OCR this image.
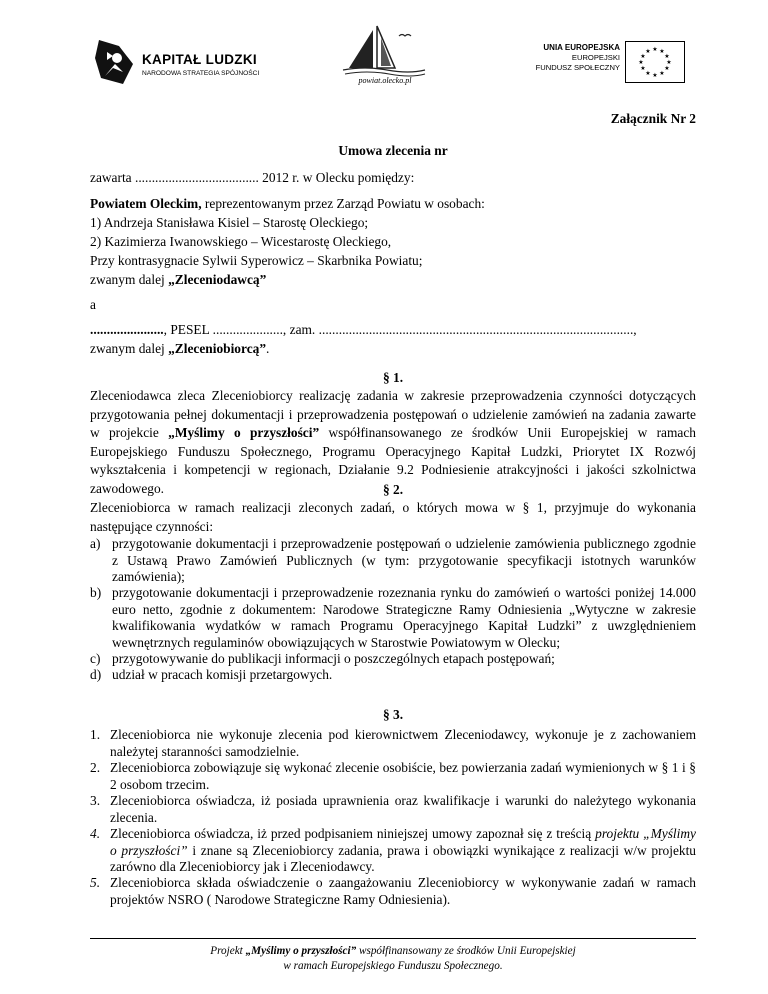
KAPITAŁ LUDZKI
NARODOWA STRATEGIA SPÓJNOŚCI
powiat.olecko.pl
UNIA EUROPEJSKA
EUROPEJSKI
FUNDUSZ SPOŁECZNY
★ ★
★
★
★
★
★
★
★
★
★
★
Załącznik Nr 2
Umowa zlecenia nr
zawarta ..................................... 2012 r. w Olecku pomiędzy:
Powiatem Oleckim, reprezentowanym przez Zarząd Powiatu w osobach:
1) Andrzeja Stanisława Kisiel – Starostę Oleckiego;
2) Kazimierza Iwanowskiego – Wicestarostę Oleckiego,
Przy kontrasygnacie Sylwii Syperowicz – Skarbnika Powiatu;
zwanym dalej „Zleceniodawcą”
a
......................, PESEL ....................., zam. ..............................................................................................,
zwanym dalej „Zleceniobiorcą”.
§ 1.
Zleceniodawca zleca Zleceniobiorcy realizację zadania w zakresie przeprowadzenia czynności dotyczących przygotowania pełnej dokumentacji i przeprowadzenia postępowań o udzielenie zamówień na zadania zawarte w projekcie „Myślimy o przyszłości” współfinansowanego ze środków Unii Europejskiej w ramach Europejskiego Funduszu Społecznego, Programu Operacyjnego Kapitał Ludzki, Priorytet IX Rozwój wykształcenia i kompetencji w regionach, Działanie 9.2 Podniesienie atrakcyjności i jakości szkolnictwa zawodowego.	§ 2.
Zleceniobiorca w ramach realizacji zleconych zadań, o których mowa w § 1, przyjmuje do wykonania następujące czynności:
a) przygotowanie dokumentacji i przeprowadzenie postępowań o udzielenie zamówienia publicznego zgodnie z Ustawą Prawo Zamówień Publicznych (w tym: przygotowanie specyfikacji istotnych warunków zamówienia);
b) przygotowanie dokumentacji i przeprowadzenie rozeznania rynku do zamówień o wartości poniżej 14.000 euro netto, zgodnie z dokumentem: Narodowe Strategiczne Ramy Odniesienia „Wytyczne w zakresie kwalifikowania wydatków w ramach Programu Operacyjnego Kapitał Ludzki” z uwzględnieniem wewnętrznych regulaminów obowiązujących w Starostwie Powiatowym w Olecku;
c) przygotowywanie do publikacji informacji o poszczególnych etapach postępowań;
d) udział w pracach komisji przetargowych.
§ 3.
1. Zleceniobiorca nie wykonuje zlecenia pod kierownictwem Zleceniodawcy, wykonuje je z zachowaniem należytej staranności samodzielnie.
2. Zleceniobiorca zobowiązuje się wykonać zlecenie osobiście, bez powierzania zadań wymienionych w § 1 i § 2 osobom trzecim.
3. Zleceniobiorca oświadcza, iż posiada uprawnienia oraz kwalifikacje i warunki do należytego wykonania zlecenia.
4. Zleceniobiorca oświadcza, iż przed podpisaniem niniejszej umowy zapoznał się z treścią projektu „Myślimy o przyszłości” i znane są Zleceniobiorcy zadania, prawa i obowiązki wynikające z realizacji w/w projektu zarówno dla Zleceniobiorcy jak i Zleceniodawcy.
5. Zleceniobiorca składa oświadczenie o zaangażowaniu Zleceniobiorcy w wykonywanie zadań w ramach projektów NSRO ( Narodowe Strategiczne Ramy Odniesienia).
Projekt „Myślimy o przyszłości” współfinansowany ze środków Unii Europejskiej
w ramach Europejskiego Funduszu Społecznego.
